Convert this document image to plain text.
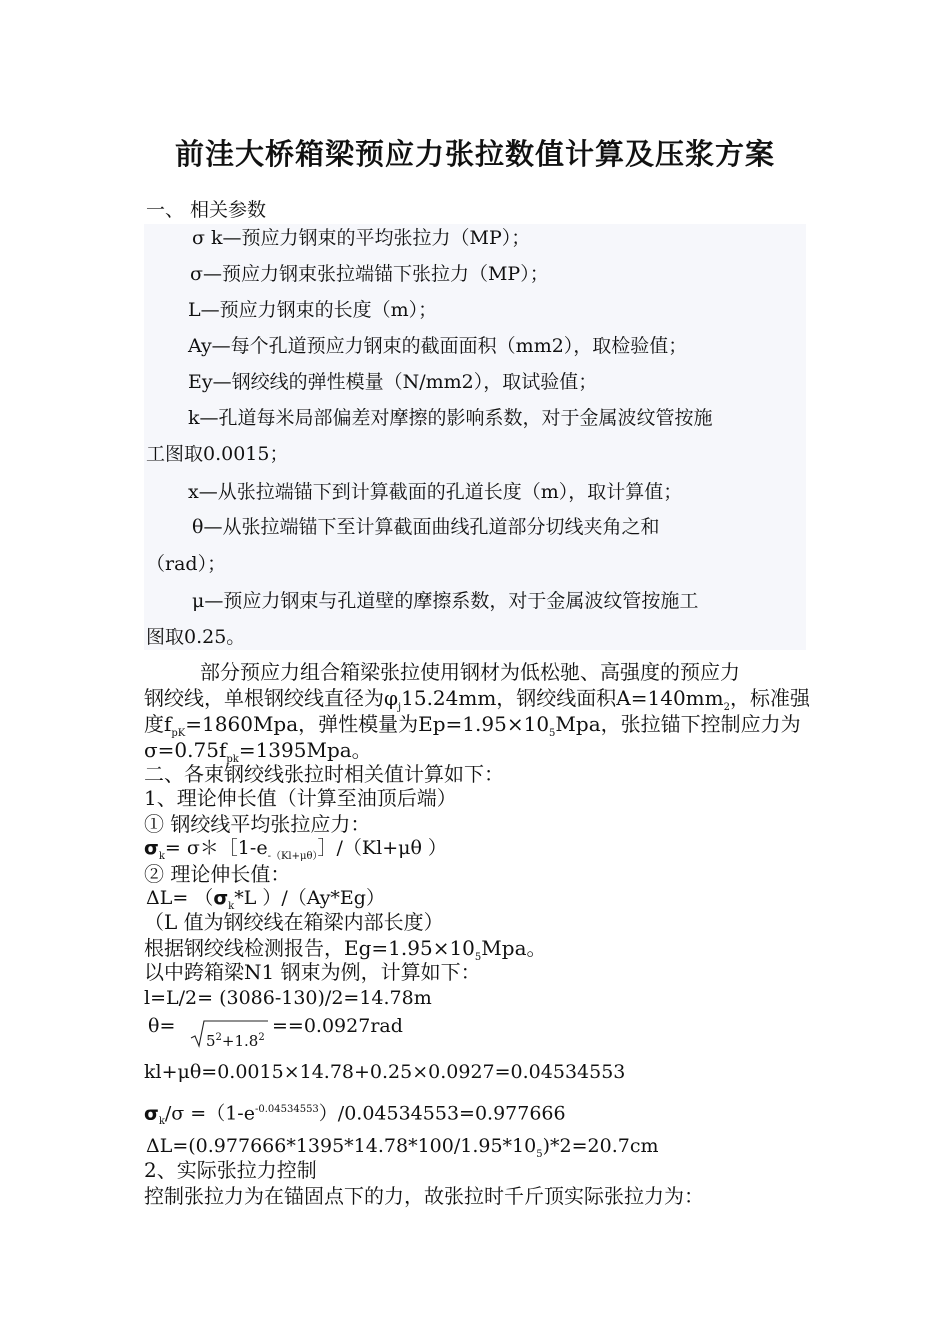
前洼大桥箱梁预应力张拉数值计算及压浆方案
一、 相关参数
σ k—预应力钢束的平均张拉力（MP）；
σ—预应力钢束张拉端锚下张拉力（MP）；
L—预应力钢束的长度（m）；
Ay—每个孔道预应力钢束的截面面积（mm2），取检验值；
Ey—钢绞线的弹性模量（N/mm2），取试验值；
k—孔道每米局部偏差对摩擦的影响系数，对于金属波纹管按施
工图取0.0015；
x—从张拉端锚下到计算截面的孔道长度（m），取计算值；
θ—从张拉端锚下至计算截面曲线孔道部分切线夹角之和
（rad）；
μ—预应力钢束与孔道壁的摩擦系数，对于金属波纹管按施工
图取0.25。
部分预应力组合箱梁张拉使用钢材为低松驰、高强度的预应力
钢绞线，单根钢绞线直径为$\varphi_j15.24mm$，钢绞线面积$A=140mm_2$，标准强
度$f_{pK}=1860Mpa$，弹性模量为$Ep=1.95\times 10_5Mpa$，张拉锚下控制应力为
$\sigma=0.75f_{pk}=1395Mpa$。
二、各束钢绞线张拉时相关值计算如下：
1、理论伸长值（计算至油顶后端）
① 钢绞线平均张拉应力：
$\sigma_k=$ $\sigma*[1-e_{-(Kl+\mu\theta)}]/(Kl+\mu\theta$ ）
② 理论伸长值：
$\Delta L= (\sigma_k*L$ ）/（Ay*Eg）
（L 值为钢绞线在箱梁内部长度）
根据钢绞线检测报告，$Eg=1.95\times 10_5Mpa$。
以中跨箱梁N1 钢束为例，计算如下：
l=L/2= (3086-130)/2=14.78m
θ=
$5^2+1.8^2$
==0.0927rad
kl+μθ=0.0015×14.78+0.25×0.0927=0.04534553
$\sigma_k/\sigma =(1-e^{-0.04534553})/0.04534553=0.977666$
$\Delta L=(0.977666*1395*14.78*100/1.95*10_5)*2=20.7cm$
2、实际张拉力控制
控制张拉力为在锚固点下的力，故张拉时千斤顶实际张拉力为：
